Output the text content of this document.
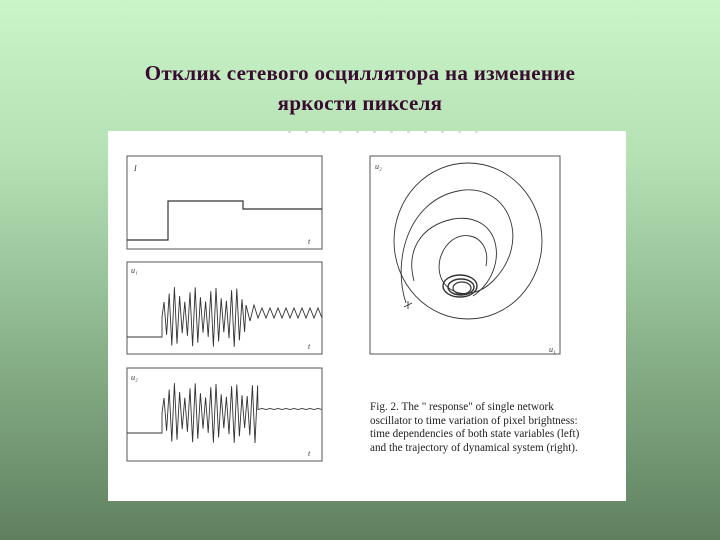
Отклик сетевого осциллятора на изменение
яркости пикселя
I
t
u₁
t
u₂
t
u₂
u₁
Fig. 2. The " response" of single network
oscillator to time variation of pixel brightness:
time dependencies of both state variables (left)
and the trajectory of dynamical system (right).
